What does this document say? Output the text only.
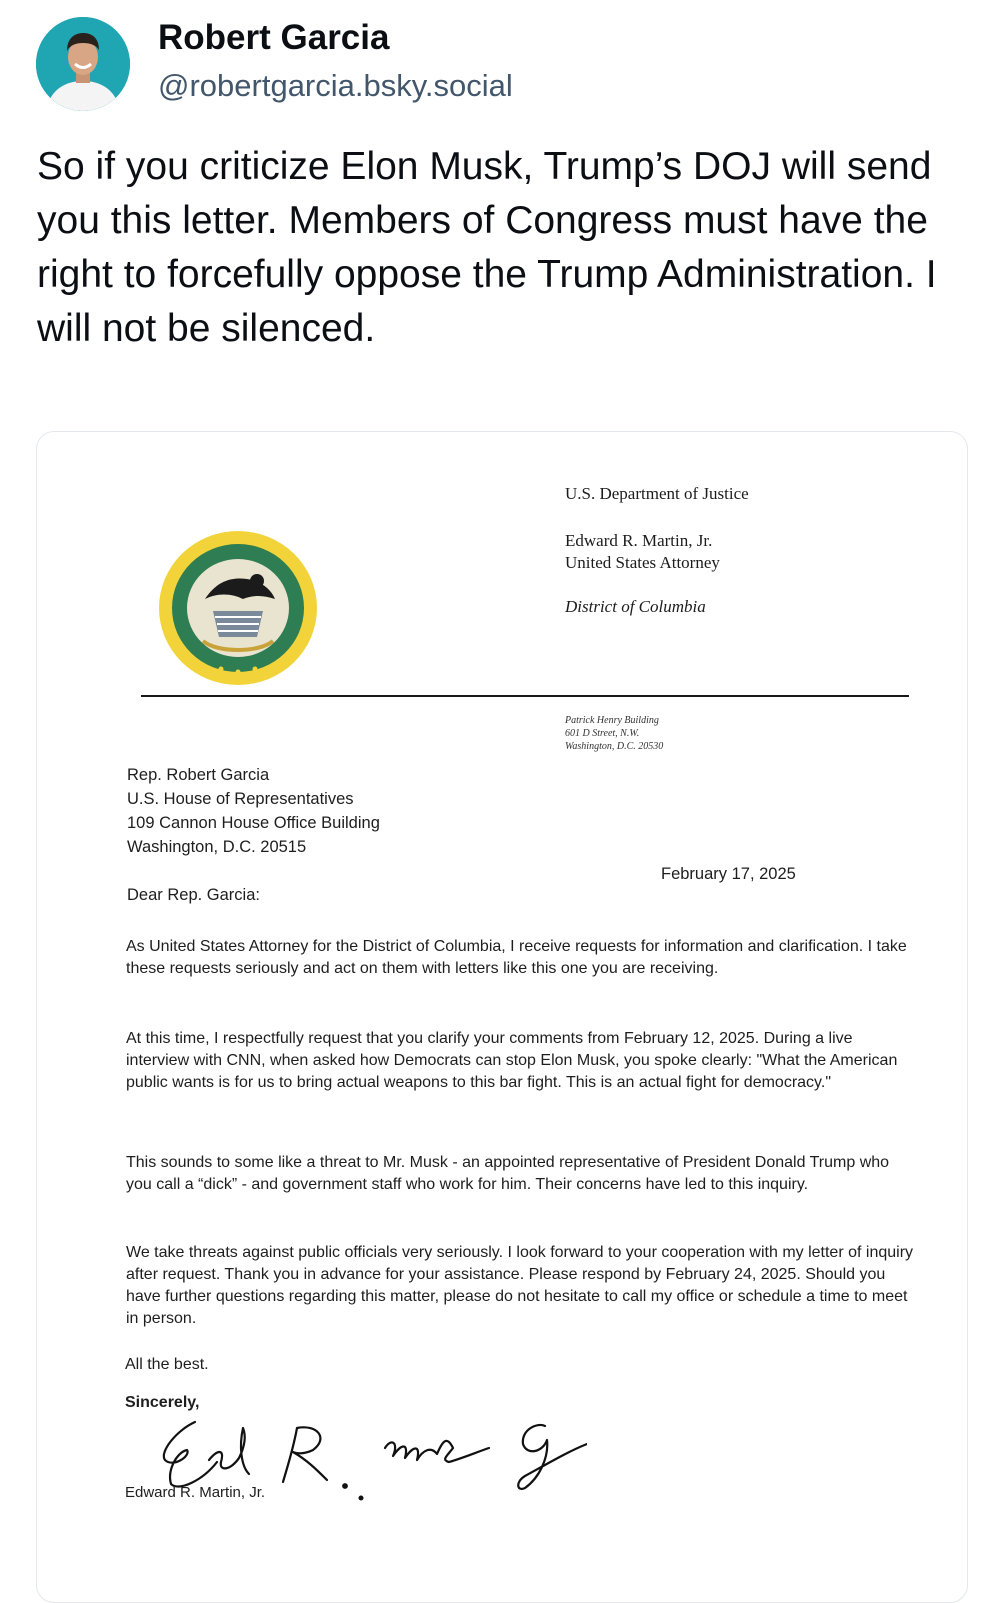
Robert Garcia
@robertgarcia.bsky.social
So if you criticize Elon Musk, Trump’s DOJ will send you this letter. Members of Congress must have the right to forcefully oppose the Trump Administration. I will not be silenced.
U.S. Department of Justice
Edward R. Martin, Jr.
United States Attorney
District of Columbia
Patrick Henry Building
601 D Street, N.W.
Washington, D.C. 20530
Rep. Robert Garcia
U.S. House of Representatives
109 Cannon House Office Building
Washington, D.C. 20515
February 17, 2025
Dear Rep. Garcia:
As United States Attorney for the District of Columbia, I receive requests for information and clarification. I take these requests seriously and act on them with letters like this one you are receiving.
At this time, I respectfully request that you clarify your comments from February 12, 2025. During a live interview with CNN, when asked how Democrats can stop Elon Musk, you spoke clearly: "What the American public wants is for us to bring actual weapons to this bar fight. This is an actual fight for democracy."
This sounds to some like a threat to Mr. Musk - an appointed representative of President Donald Trump who you call a “dick” - and government staff who work for him. Their concerns have led to this inquiry.
We take threats against public officials very seriously. I look forward to your cooperation with my letter of inquiry after request. Thank you in advance for your assistance. Please respond by February 24, 2025. Should you have further questions regarding this matter, please do not hesitate to call my office or schedule a time to meet in person.
All the best.
Sincerely,
Edward R. Martin, Jr.
